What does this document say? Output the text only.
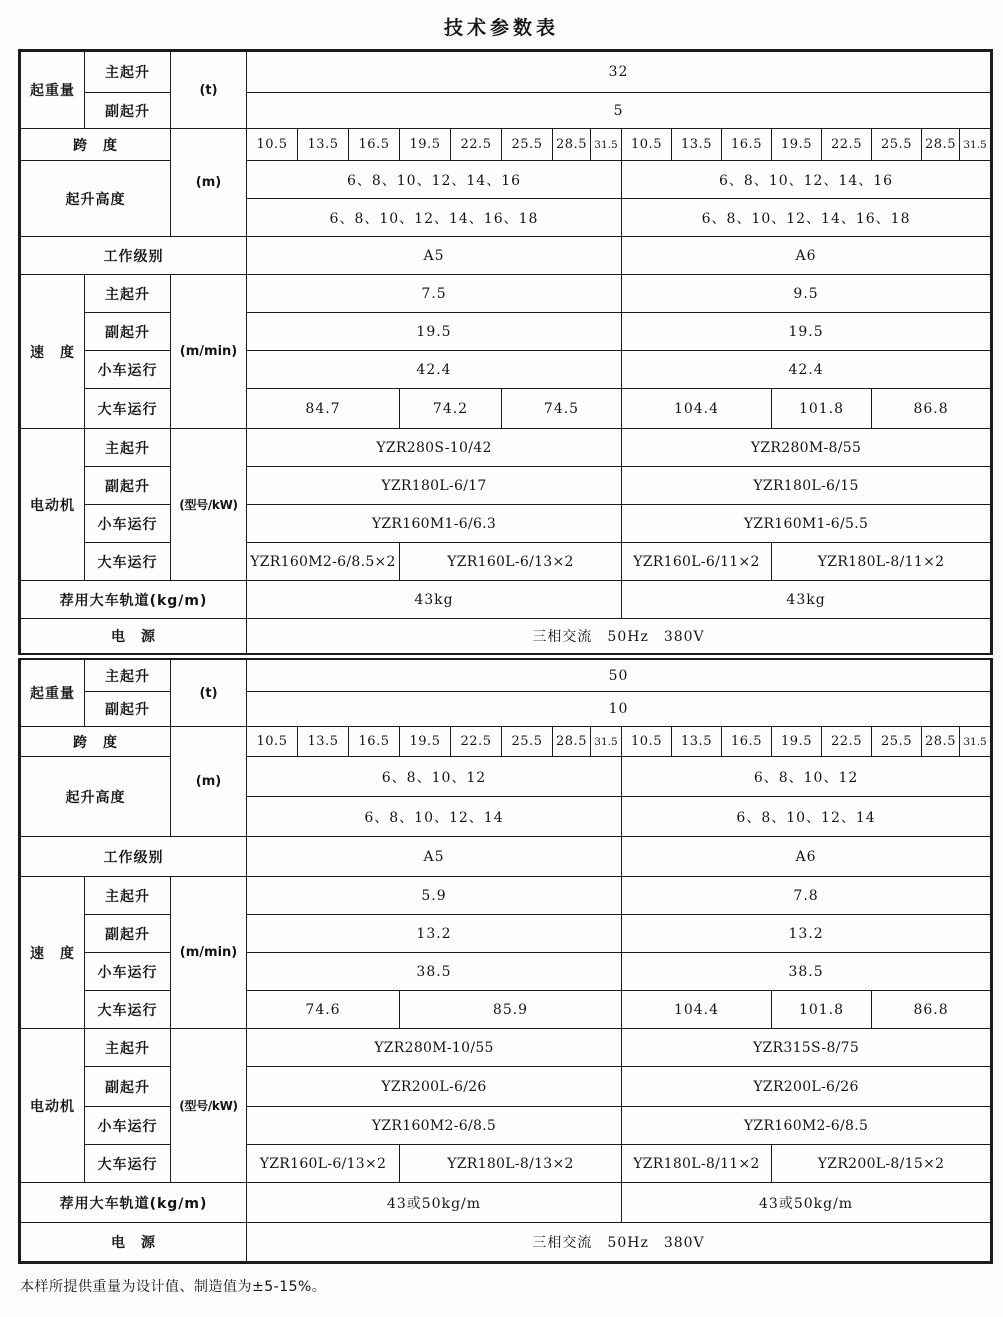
技术参数表
起重量	主起升	(t)	32															
	副起升		5															
跨　度		(m)	10.5	13.5	16.5	19.5	22.5	25.5	28.5	31.5	10.5	13.5	16.5	19.5	22.5	25.5	28.5	31.5
起升高度			6、8、10、12、14、16								6、8、10、12、14、16							
			6、8、10、12、14、16、18								6、8、10、12、14、16、18							
工作级别			A5								A6							
速　度	主起升	(m/min)	7.5								9.5							
	副起升		19.5								19.5							
	小车运行		42.4								42.4							
	大车运行		84.7			74.2		74.5			104.4			101.8		86.8		
电动机	主起升	(型号/kW)	YZR280S-10/42								YZR280M-8/55							
	副起升		YZR180L-6/17								YZR180L-6/15							
	小车运行		YZR160M1-6/6.3								YZR160M1-6/5.5							
	大车运行		YZR160M2-6/8.5×2			YZR160L-6/13×2					YZR160L-6/11×2			YZR180L-8/11×2				
荐用大车轨道(kg/m)			43kg								43kg							
电　源			三相交流　50Hz　380V															
起重量	主起升	(t)	50															
	副起升		10															
跨　度		(m)	10.5	13.5	16.5	19.5	22.5	25.5	28.5	31.5	10.5	13.5	16.5	19.5	22.5	25.5	28.5	31.5
起升高度			6、8、10、12								6、8、10、12							
			6、8、10、12、14								6、8、10、12、14							
工作级别			A5								A6							
速　度	主起升	(m/min)	5.9								7.8							
	副起升		13.2								13.2							
	小车运行		38.5								38.5							
	大车运行		74.6			85.9					104.4			101.8		86.8		
电动机	主起升	(型号/kW)	YZR280M-10/55								YZR315S-8/75							
	副起升		YZR200L-6/26								YZR200L-6/26							
	小车运行		YZR160M2-6/8.5								YZR160M2-6/8.5							
	大车运行		YZR160L-6/13×2			YZR180L-8/13×2					YZR180L-8/11×2			YZR200L-8/15×2				
荐用大车轨道(kg/m)			43或50kg/m								43或50kg/m							
电　源			三相交流　50Hz　380V															
本样所提供重量为设计值、制造值为±5-15%。
